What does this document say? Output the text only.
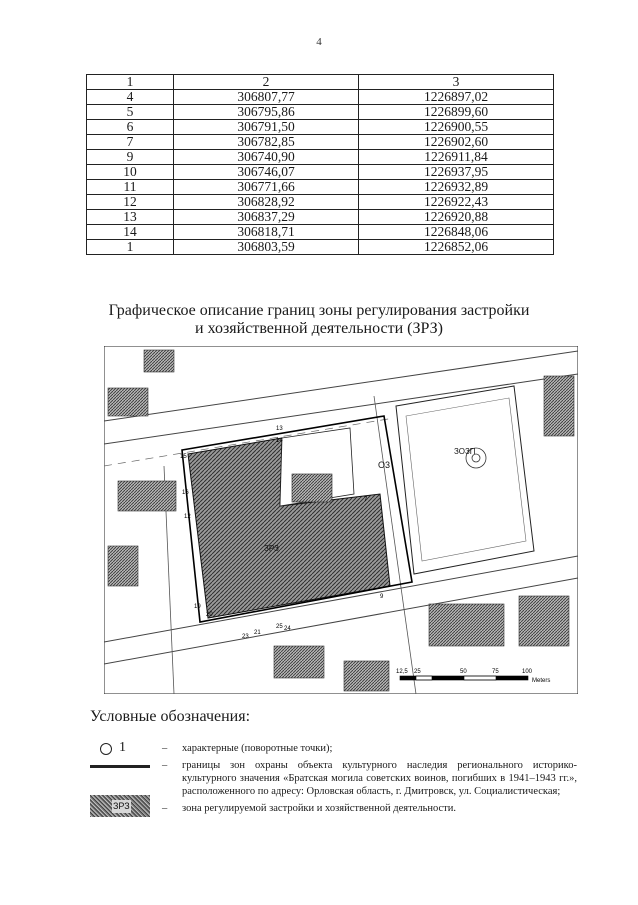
4
1	2	3
4	306807,77	1226897,02
5	306795,86	1226899,60
6	306791,50	1226900,55
7	306782,85	1226902,60
9	306740,90	1226911,84
10	306746,07	1226937,95
11	306771,66	1226932,89
12	306828,92	1226922,43
13	306837,29	1226920,88
14	306818,71	1226848,06
1	306803,59	1226852,06
Графическое описание границ зоны регулирования застройки
и хозяйственной деятельности (ЗРЗ)
О3
ЗОЗП
ЗРЗ
13
14
15
16
12
7
9
19
20
21
23
24
25
12,5 25	50	75	100
Meters
Условные обозначения:
1	– характерные (поворотные точки);
– границы зон охраны объекта культурного наследия регионального историко-культурного значения «Братская могила советских воинов, погибших в 1941–1943 гг.», расположенного по адресу: Орловская область, г. Дмитровск, ул. Социалистическая;
ЗРЗ	– зона регулируемой застройки и хозяйственной деятельности.
